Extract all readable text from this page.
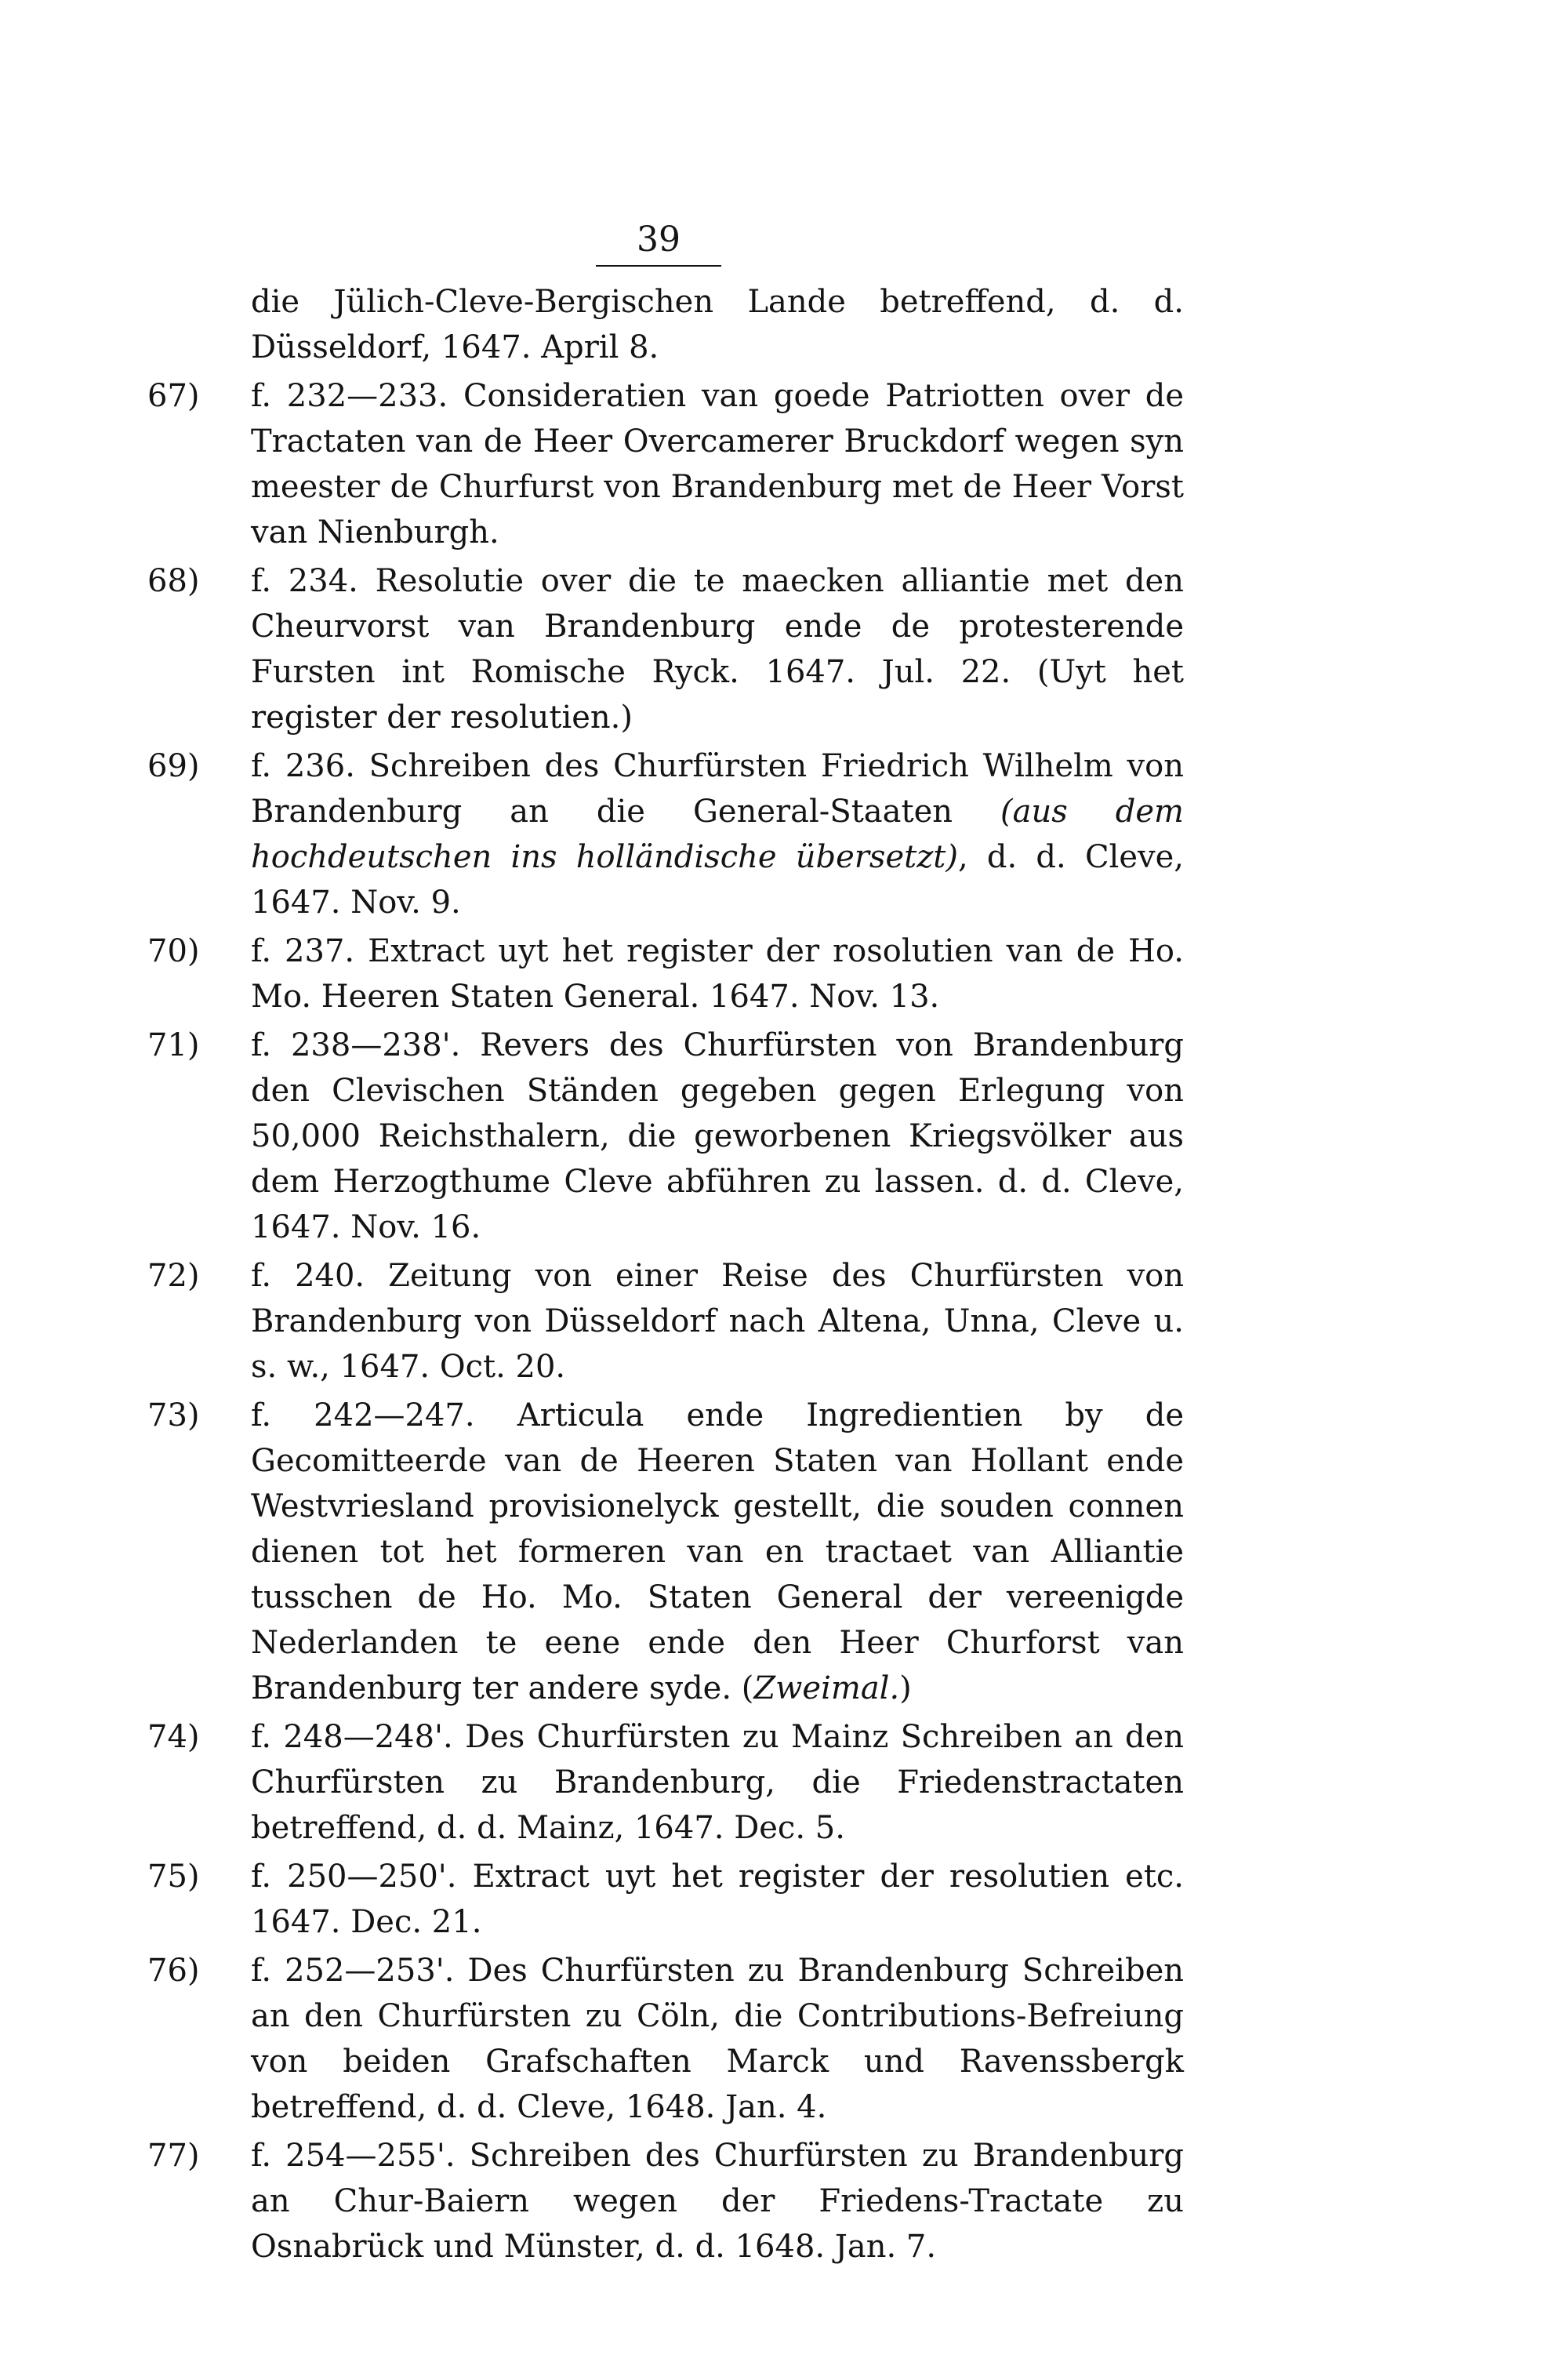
39
die Jülich-Cleve-Bergischen Lande betreffend, d. d. Düsseldorf, 1647. April 8.
67) f. 232—233. Consideratien van goede Patriotten over de Tractaten van de Heer Overcamerer Bruckdorf wegen syn meester de Churfurst von Brandenburg met de Heer Vorst van Nienburgh.
68) f. 234. Resolutie over die te maecken alliantie met den Cheurvorst van Brandenburg ende de protesterende Fursten int Romische Ryck. 1647. Jul. 22. (Uyt het register der resolutien.)
69) f. 236. Schreiben des Churfürsten Friedrich Wilhelm von Brandenburg an die General-Staaten (aus dem hochdeutschen ins holländische übersetzt), d. d. Cleve, 1647. Nov. 9.
70) f. 237. Extract uyt het register der rosolutien van de Ho. Mo. Heeren Staten General. 1647. Nov. 13.
71) f. 238—238'. Revers des Churfürsten von Brandenburg den Clevischen Ständen gegeben gegen Erlegung von 50,000 Reichsthalern, die geworbenen Kriegsvölker aus dem Herzogthume Cleve abführen zu lassen. d. d. Cleve, 1647. Nov. 16.
72) f. 240. Zeitung von einer Reise des Churfürsten von Brandenburg von Düsseldorf nach Altena, Unna, Cleve u. s. w., 1647. Oct. 20.
73) f. 242—247. Articula ende Ingredientien by de Gecomitteerde van de Heeren Staten van Hollant ende Westvriesland provisionelyck gestellt, die souden connen dienen tot het formeren van en tractaet van Alliantie tusschen de Ho. Mo. Staten General der vereenigde Nederlanden te eene ende den Heer Churforst van Brandenburg ter andere syde. (Zweimal.)
74) f. 248—248'. Des Churfürsten zu Mainz Schreiben an den Churfürsten zu Brandenburg, die Friedenstractaten betreffend, d. d. Mainz, 1647. Dec. 5.
75) f. 250—250'. Extract uyt het register der resolutien etc. 1647. Dec. 21.
76) f. 252—253'. Des Churfürsten zu Brandenburg Schreiben an den Churfürsten zu Cöln, die Contributions-Befreiung von beiden Grafschaften Marck und Ravenssbergk betreffend, d. d. Cleve, 1648. Jan. 4.
77) f. 254—255'. Schreiben des Churfürsten zu Brandenburg an Chur-Baiern wegen der Friedens-Tractate zu Osnabrück und Münster, d. d. 1648. Jan. 7.
